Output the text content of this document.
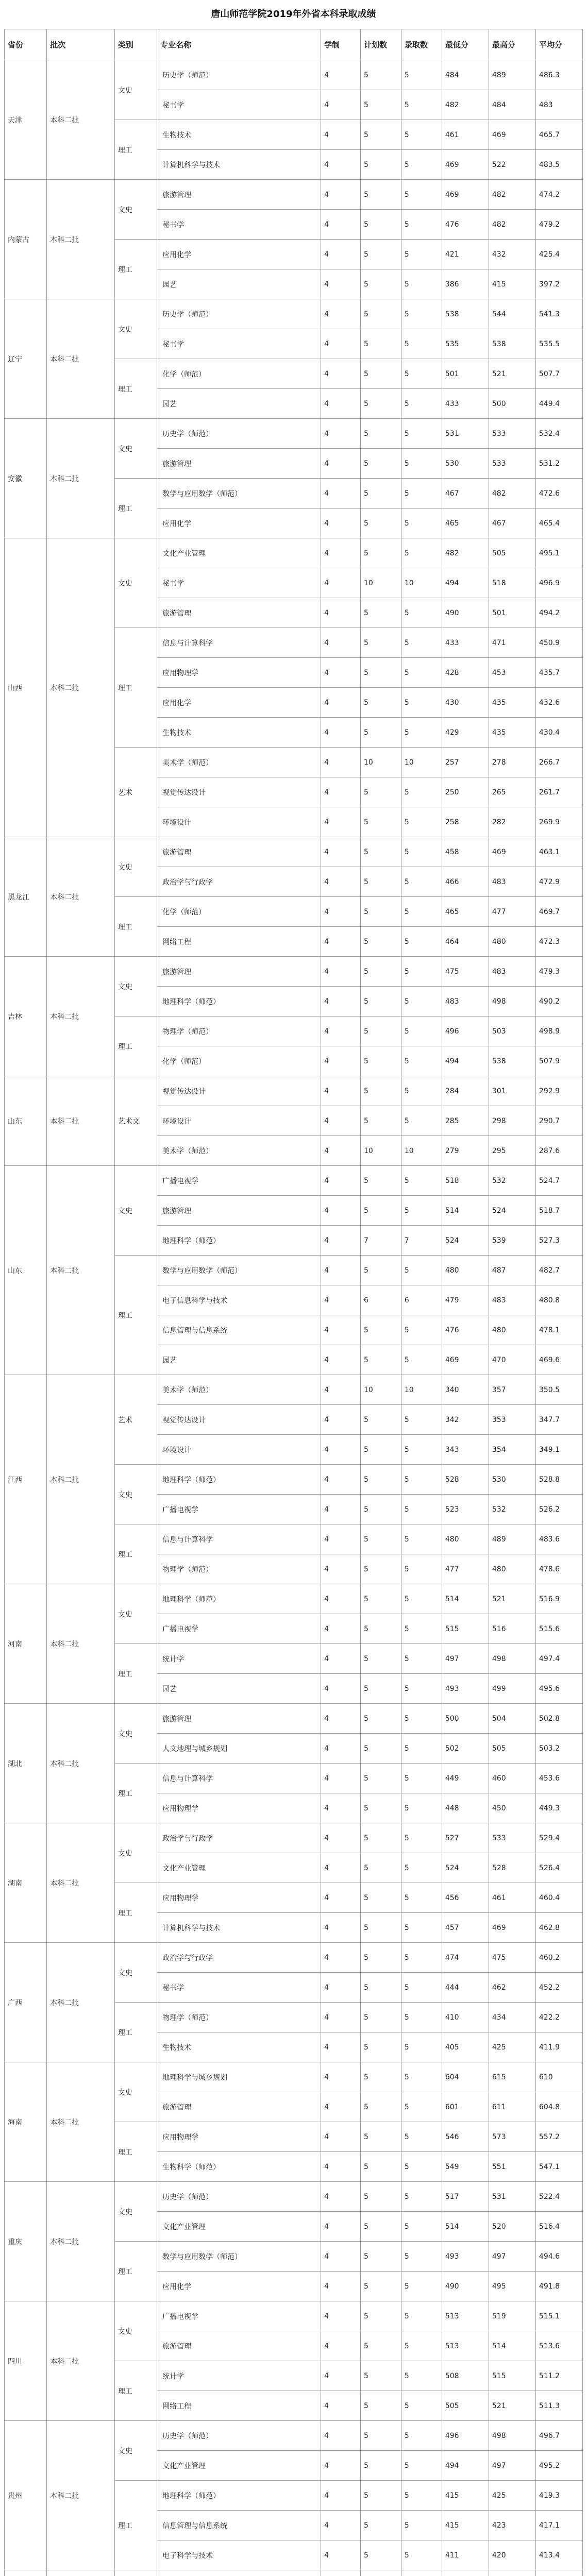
唐山师范学院2019年外省本科录取成绩
省份	批次	类别	专业名称	学制	计划数	录取数	最低分	最高分	平均分
天津	本科二批	文史	历史学（师范）	4	5	5	484	489	486.3
			秘书学	4	5	5	482	484	483
		理工	生物技术	4	5	5	461	469	465.7
			计算机科学与技术	4	5	5	469	522	483.5
内蒙古	本科二批	文史	旅游管理	4	5	5	469	482	474.2
			秘书学	4	5	5	476	482	479.2
		理工	应用化学	4	5	5	421	432	425.4
			园艺	4	5	5	386	415	397.2
辽宁	本科二批	文史	历史学（师范）	4	5	5	538	544	541.3
			秘书学	4	5	5	535	538	535.5
		理工	化学（师范）	4	5	5	501	521	507.7
			园艺	4	5	5	433	500	449.4
安徽	本科二批	文史	历史学（师范）	4	5	5	531	533	532.4
			旅游管理	4	5	5	530	533	531.2
		理工	数学与应用数学（师范）	4	5	5	467	482	472.6
			应用化学	4	5	5	465	467	465.4
山西	本科二批	文史	文化产业管理	4	5	5	482	505	495.1
			秘书学	4	10	10	494	518	496.9
			旅游管理	4	5	5	490	501	494.2
		理工	信息与计算科学	4	5	5	433	471	450.9
			应用物理学	4	5	5	428	453	435.7
			应用化学	4	5	5	430	435	432.6
			生物技术	4	5	5	429	435	430.4
		艺术	美术学（师范）	4	10	10	257	278	266.7
			视觉传达设计	4	5	5	250	265	261.7
			环境设计	4	5	5	258	282	269.9
黑龙江	本科二批	文史	旅游管理	4	5	5	458	469	463.1
			政治学与行政学	4	5	5	466	483	472.9
		理工	化学（师范）	4	5	5	465	477	469.7
			网络工程	4	5	5	464	480	472.3
吉林	本科二批	文史	旅游管理	4	5	5	475	483	479.3
			地理科学（师范）	4	5	5	483	498	490.2
		理工	物理学（师范）	4	5	5	496	503	498.9
			化学（师范）	4	5	5	494	538	507.9
山东	本科二批	艺术文	视觉传达设计	4	5	5	284	301	292.9
			环境设计	4	5	5	285	298	290.7
			美术学（师范）	4	10	10	279	295	287.6
山东	本科二批	文史	广播电视学	4	5	5	518	532	524.7
			旅游管理	4	5	5	514	524	518.7
			地理科学（师范）	4	7	7	524	539	527.3
		理工	数学与应用数学（师范）	4	5	5	480	487	482.7
			电子信息科学与技术	4	6	6	479	483	480.8
			信息管理与信息系统	4	5	5	476	480	478.1
			园艺	4	5	5	469	470	469.6
江西	本科二批	艺术	美术学（师范）	4	10	10	340	357	350.5
			视觉传达设计	4	5	5	342	353	347.7
			环境设计	4	5	5	343	354	349.1
		文史	地理科学（师范）	4	5	5	528	530	528.8
			广播电视学	4	5	5	523	532	526.2
		理工	信息与计算科学	4	5	5	480	489	483.6
			物理学（师范）	4	5	5	477	480	478.6
河南	本科二批	文史	地理科学（师范）	4	5	5	514	521	516.9
			广播电视学	4	5	5	515	516	515.6
		理工	统计学	4	5	5	497	498	497.4
			园艺	4	5	5	493	499	495.6
湖北	本科二批	文史	旅游管理	4	5	5	500	504	502.8
			人文地理与城乡规划	4	5	5	502	505	503.2
		理工	信息与计算科学	4	5	5	449	460	453.6
			应用物理学	4	5	5	448	450	449.3
湖南	本科二批	文史	政治学与行政学	4	5	5	527	533	529.4
			文化产业管理	4	5	5	524	528	526.4
		理工	应用物理学	4	5	5	456	461	460.4
			计算机科学与技术	4	5	5	457	469	462.8
广西	本科二批	文史	政治学与行政学	4	5	5	474	475	460.2
			秘书学	4	5	5	444	462	452.2
		理工	物理学（师范）	4	5	5	410	434	422.2
			生物技术	4	5	5	405	425	411.9
海南	本科二批	文史	地理科学与城乡规划	4	5	5	604	615	610
			旅游管理	4	5	5	601	611	604.8
		理工	应用物理学	4	5	5	546	573	557.2
			生物科学（师范）	4	5	5	549	551	547.1
重庆	本科二批	文史	历史学（师范）	4	5	5	517	531	522.4
			文化产业管理	4	5	5	514	520	516.4
		理工	数学与应用数学（师范）	4	5	5	493	497	494.6
			应用化学	4	5	5	490	495	491.8
四川	本科二批	文史	广播电视学	4	5	5	513	519	515.1
			旅游管理	4	5	5	513	514	513.6
		理工	统计学	4	5	5	508	515	511.2
			网络工程	4	5	5	505	521	511.3
贵州	本科二批	文史	历史学（师范）	4	5	5	496	498	496.7
			文化产业管理	4	5	5	494	497	495.2
		理工	地理科学（师范）	4	5	5	415	425	419.3
			信息管理与信息系统	4	5	5	415	423	417.1
			电子科学与技术	4	5	5	411	420	413.4
